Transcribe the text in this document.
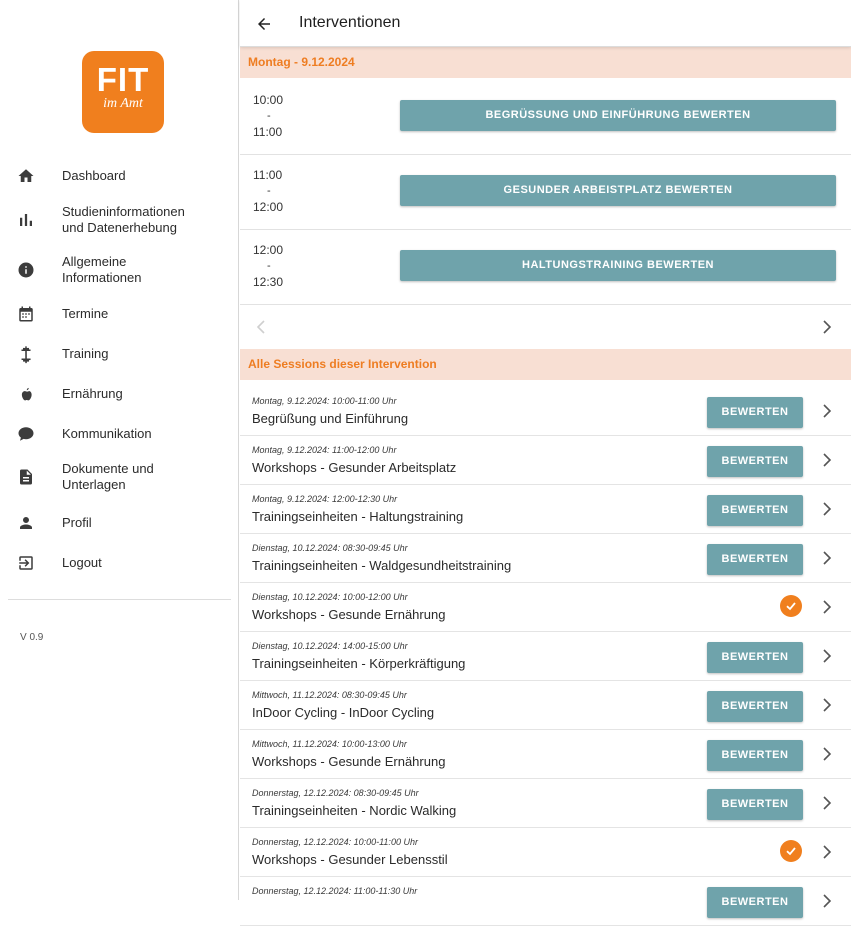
FIT
im Amt
Dashboard
Studieninformationen
und Datenerhebung
Allgemeine
Informationen
Termine
Training
Ernährung
Kommunikation
Dokumente und
Unterlagen
Profil
Logout
V 0.9
Interventionen
Montag - 9.12.2024
10:00
-
11:00
BEGRÜSSUNG UND EINFÜHRUNG BEWERTEN
11:00
-
12:00
GESUNDER ARBEISTPLATZ BEWERTEN
12:00
-
12:30
HALTUNGSTRAINING BEWERTEN
Alle Sessions dieser Intervention
Montag, 9.12.2024: 10:00-11:00 Uhr
Begrüßung und Einführung	BEWERTEN
Montag, 9.12.2024: 11:00-12:00 Uhr
Workshops - Gesunder Arbeitsplatz	BEWERTEN
Montag, 9.12.2024: 12:00-12:30 Uhr
Trainingseinheiten - Haltungstraining	BEWERTEN
Dienstag, 10.12.2024: 08:30-09:45 Uhr
Trainingseinheiten - Waldgesundheitstraining	BEWERTEN
Dienstag, 10.12.2024: 10:00-12:00 Uhr
Workshops - Gesunde Ernährung
Dienstag, 10.12.2024: 14:00-15:00 Uhr
Trainingseinheiten - Körperkräftigung	BEWERTEN
Mittwoch, 11.12.2024: 08:30-09:45 Uhr
InDoor Cycling - InDoor Cycling	BEWERTEN
Mittwoch, 11.12.2024: 10:00-13:00 Uhr
Workshops - Gesunde Ernährung	BEWERTEN
Donnerstag, 12.12.2024: 08:30-09:45 Uhr
Trainingseinheiten - Nordic Walking	BEWERTEN
Donnerstag, 12.12.2024: 10:00-11:00 Uhr
Workshops - Gesunder Lebensstil
Donnerstag, 12.12.2024: 11:00-11:30 Uhr
BEWERTEN
